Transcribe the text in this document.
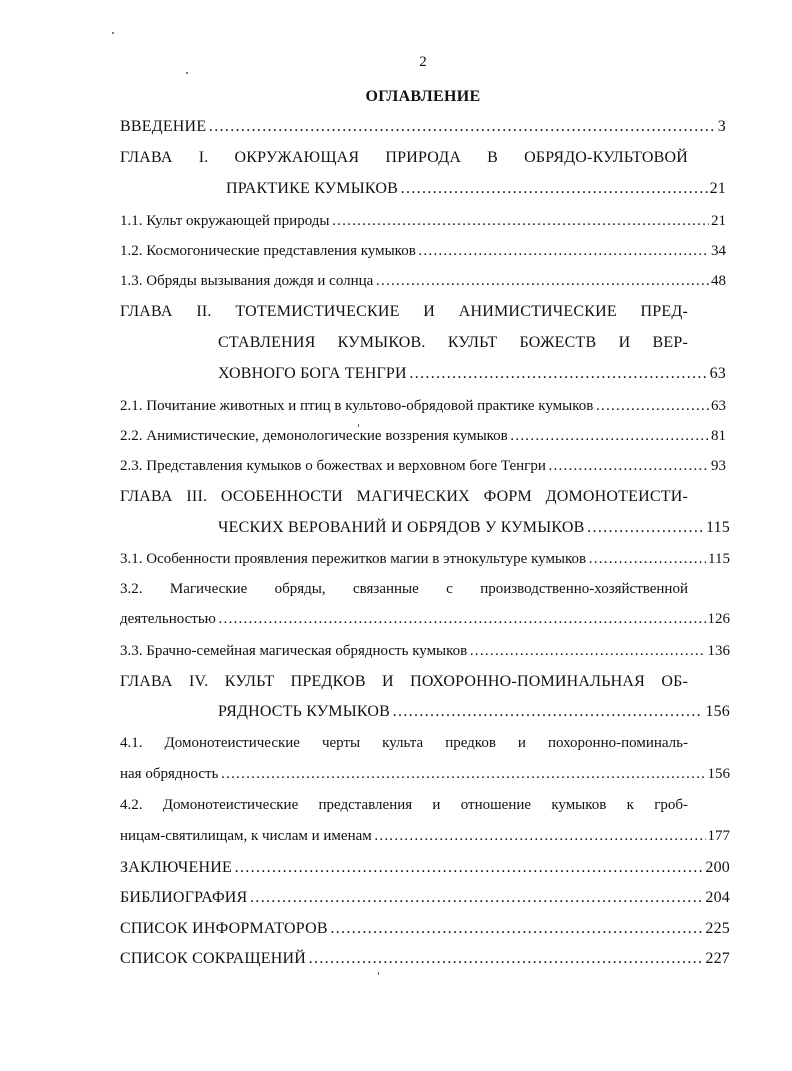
2
ОГЛАВЛЕНИЕ
ВВЕДЕНИЕ …………………………………………………………………………………………………………………………………………………………………………	3
ГЛАВА I. ОКРУЖАЮЩАЯ ПРИРОДА В ОБРЯДО-КУЛЬТОВОЙ
ПРАКТИКЕ КУМЫКОВ …………………………………………………………………………………………………………………………………………………………………………	21
1.1. Культ окружающей природы …………………………………………………………………………………………………………………………………………………………………………	21
1.2. Космогонические представления кумыков …………………………………………………………………………………………………………………………………………………………………………	34
1.3. Обряды вызывания дождя и солнца …………………………………………………………………………………………………………………………………………………………………………	48
ГЛАВА II. ТОТЕМИСТИЧЕСКИЕ И АНИМИСТИЧЕСКИЕ ПРЕД-
СТАВЛЕНИЯ КУМЫКОВ. КУЛЬТ БОЖЕСТВ И ВЕР-
ХОВНОГО БОГА ТЕНГРИ …………………………………………………………………………………………………………………………………………………………………………	63
2.1. Почитание животных и птиц в культово-обрядовой практике кумыков …………………………………………………………………………………………………………………………………………………………………………	63
2.2. Анимистические, демонологические воззрения кумыков …………………………………………………………………………………………………………………………………………………………………………	81
2.3. Представления кумыков о божествах и верховном боге Тенгри …………………………………………………………………………………………………………………………………………………………………………	93
ГЛАВА III. ОСОБЕННОСТИ МАГИЧЕСКИХ ФОРМ ДОМОНОТЕИСТИ-
ЧЕСКИХ ВЕРОВАНИЙ И ОБРЯДОВ У КУМЫКОВ …………………………………………………………………………………………………………………………………………………………………………	115
3.1. Особенности проявления пережитков магии в этнокультуре кумыков …………………………………………………………………………………………………………………………………………………………………………	115
3.2. Магические обряды, связанные с производственно-хозяйственной
деятельностью …………………………………………………………………………………………………………………………………………………………………………	126
3.3. Брачно-семейная магическая обрядность кумыков …………………………………………………………………………………………………………………………………………………………………………	136
ГЛАВА IV. КУЛЬТ ПРЕДКОВ И ПОХОРОННО-ПОМИНАЛЬНАЯ ОБ-
РЯДНОСТЬ КУМЫКОВ …………………………………………………………………………………………………………………………………………………………………………	156
4.1. Домонотеистические черты культа предков и похоронно-поминаль-
ная обрядность …………………………………………………………………………………………………………………………………………………………………………	156
4.2. Домонотеистические представления и отношение кумыков к гроб-
ницам-святилищам, к числам и именам …………………………………………………………………………………………………………………………………………………………………………	177
ЗАКЛЮЧЕНИЕ …………………………………………………………………………………………………………………………………………………………………………	200
БИБЛИОГРАФИЯ …………………………………………………………………………………………………………………………………………………………………………	204
СПИСОК ИНФОРМАТОРОВ …………………………………………………………………………………………………………………………………………………………………………	225
СПИСОК СОКРАЩЕНИЙ …………………………………………………………………………………………………………………………………………………………………………	227
